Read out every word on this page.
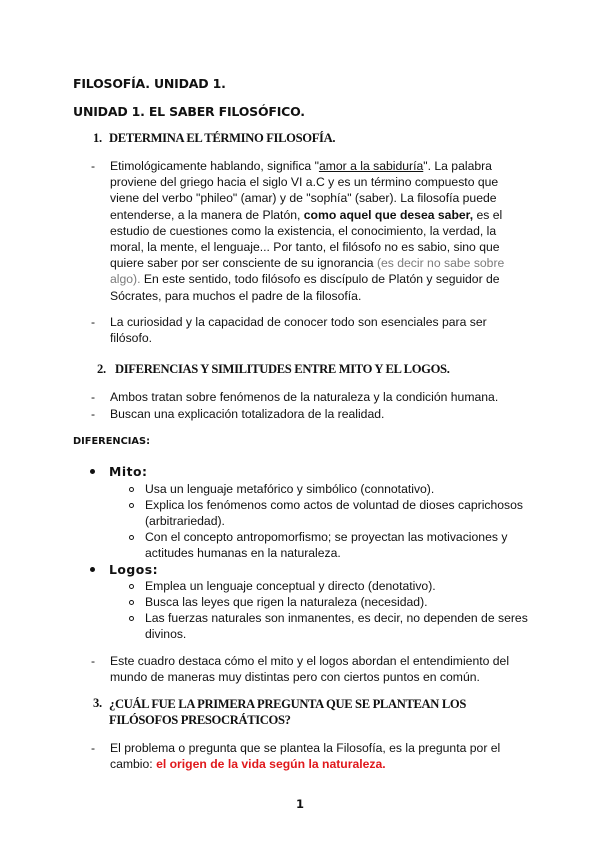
FILOSOFÍA. UNIDAD 1.
UNIDAD 1. EL SABER FILOSÓFICO.
1. DETERMINA EL TÉRMINO FILOSOFÍA.
- Etimológicamente hablando, significa "amor a la sabiduría". La palabra
proviene del griego hacia el siglo VI a.C y es un término compuesto que
viene del verbo "phileo" (amar) y de "sophía" (saber). La filosofía puede
entenderse, a la manera de Platón, como aquel que desea saber, es el
estudio de cuestiones como la existencia, el conocimiento, la verdad, la
moral, la mente, el lenguaje... Por tanto, el filósofo no es sabio, sino que
quiere saber por ser consciente de su ignorancia (es decir no sabe sobre
algo). En este sentido, todo filósofo es discípulo de Platón y seguidor de
Sócrates, para muchos el padre de la filosofía.
- La curiosidad y la capacidad de conocer todo son esenciales para ser
filósofo.
2. DIFERENCIAS Y SIMILITUDES ENTRE MITO Y EL LOGOS.
- Ambos tratan sobre fenómenos de la naturaleza y la condición humana.
- Buscan una explicación totalizadora de la realidad.
DIFERENCIAS:
Mito:
Usa un lenguaje metafórico y simbólico (connotativo).
Explica los fenómenos como actos de voluntad de dioses caprichosos
(arbitrariedad).
Con el concepto antropomorfismo; se proyectan las motivaciones y
actitudes humanas en la naturaleza.
Logos:
Emplea un lenguaje conceptual y directo (denotativo).
Busca las leyes que rigen la naturaleza (necesidad).
Las fuerzas naturales son inmanentes, es decir, no dependen de seres
divinos.
- Este cuadro destaca cómo el mito y el logos abordan el entendimiento del
mundo de maneras muy distintas pero con ciertos puntos en común.
3. ¿CUÁL FUE LA PRIMERA PREGUNTA QUE SE PLANTEAN LOS
FILÓSOFOS PRESOCRÁTICOS?
- El problema o pregunta que se plantea la Filosofía, es la pregunta por el
cambio: el origen de la vida según la naturaleza.
1
